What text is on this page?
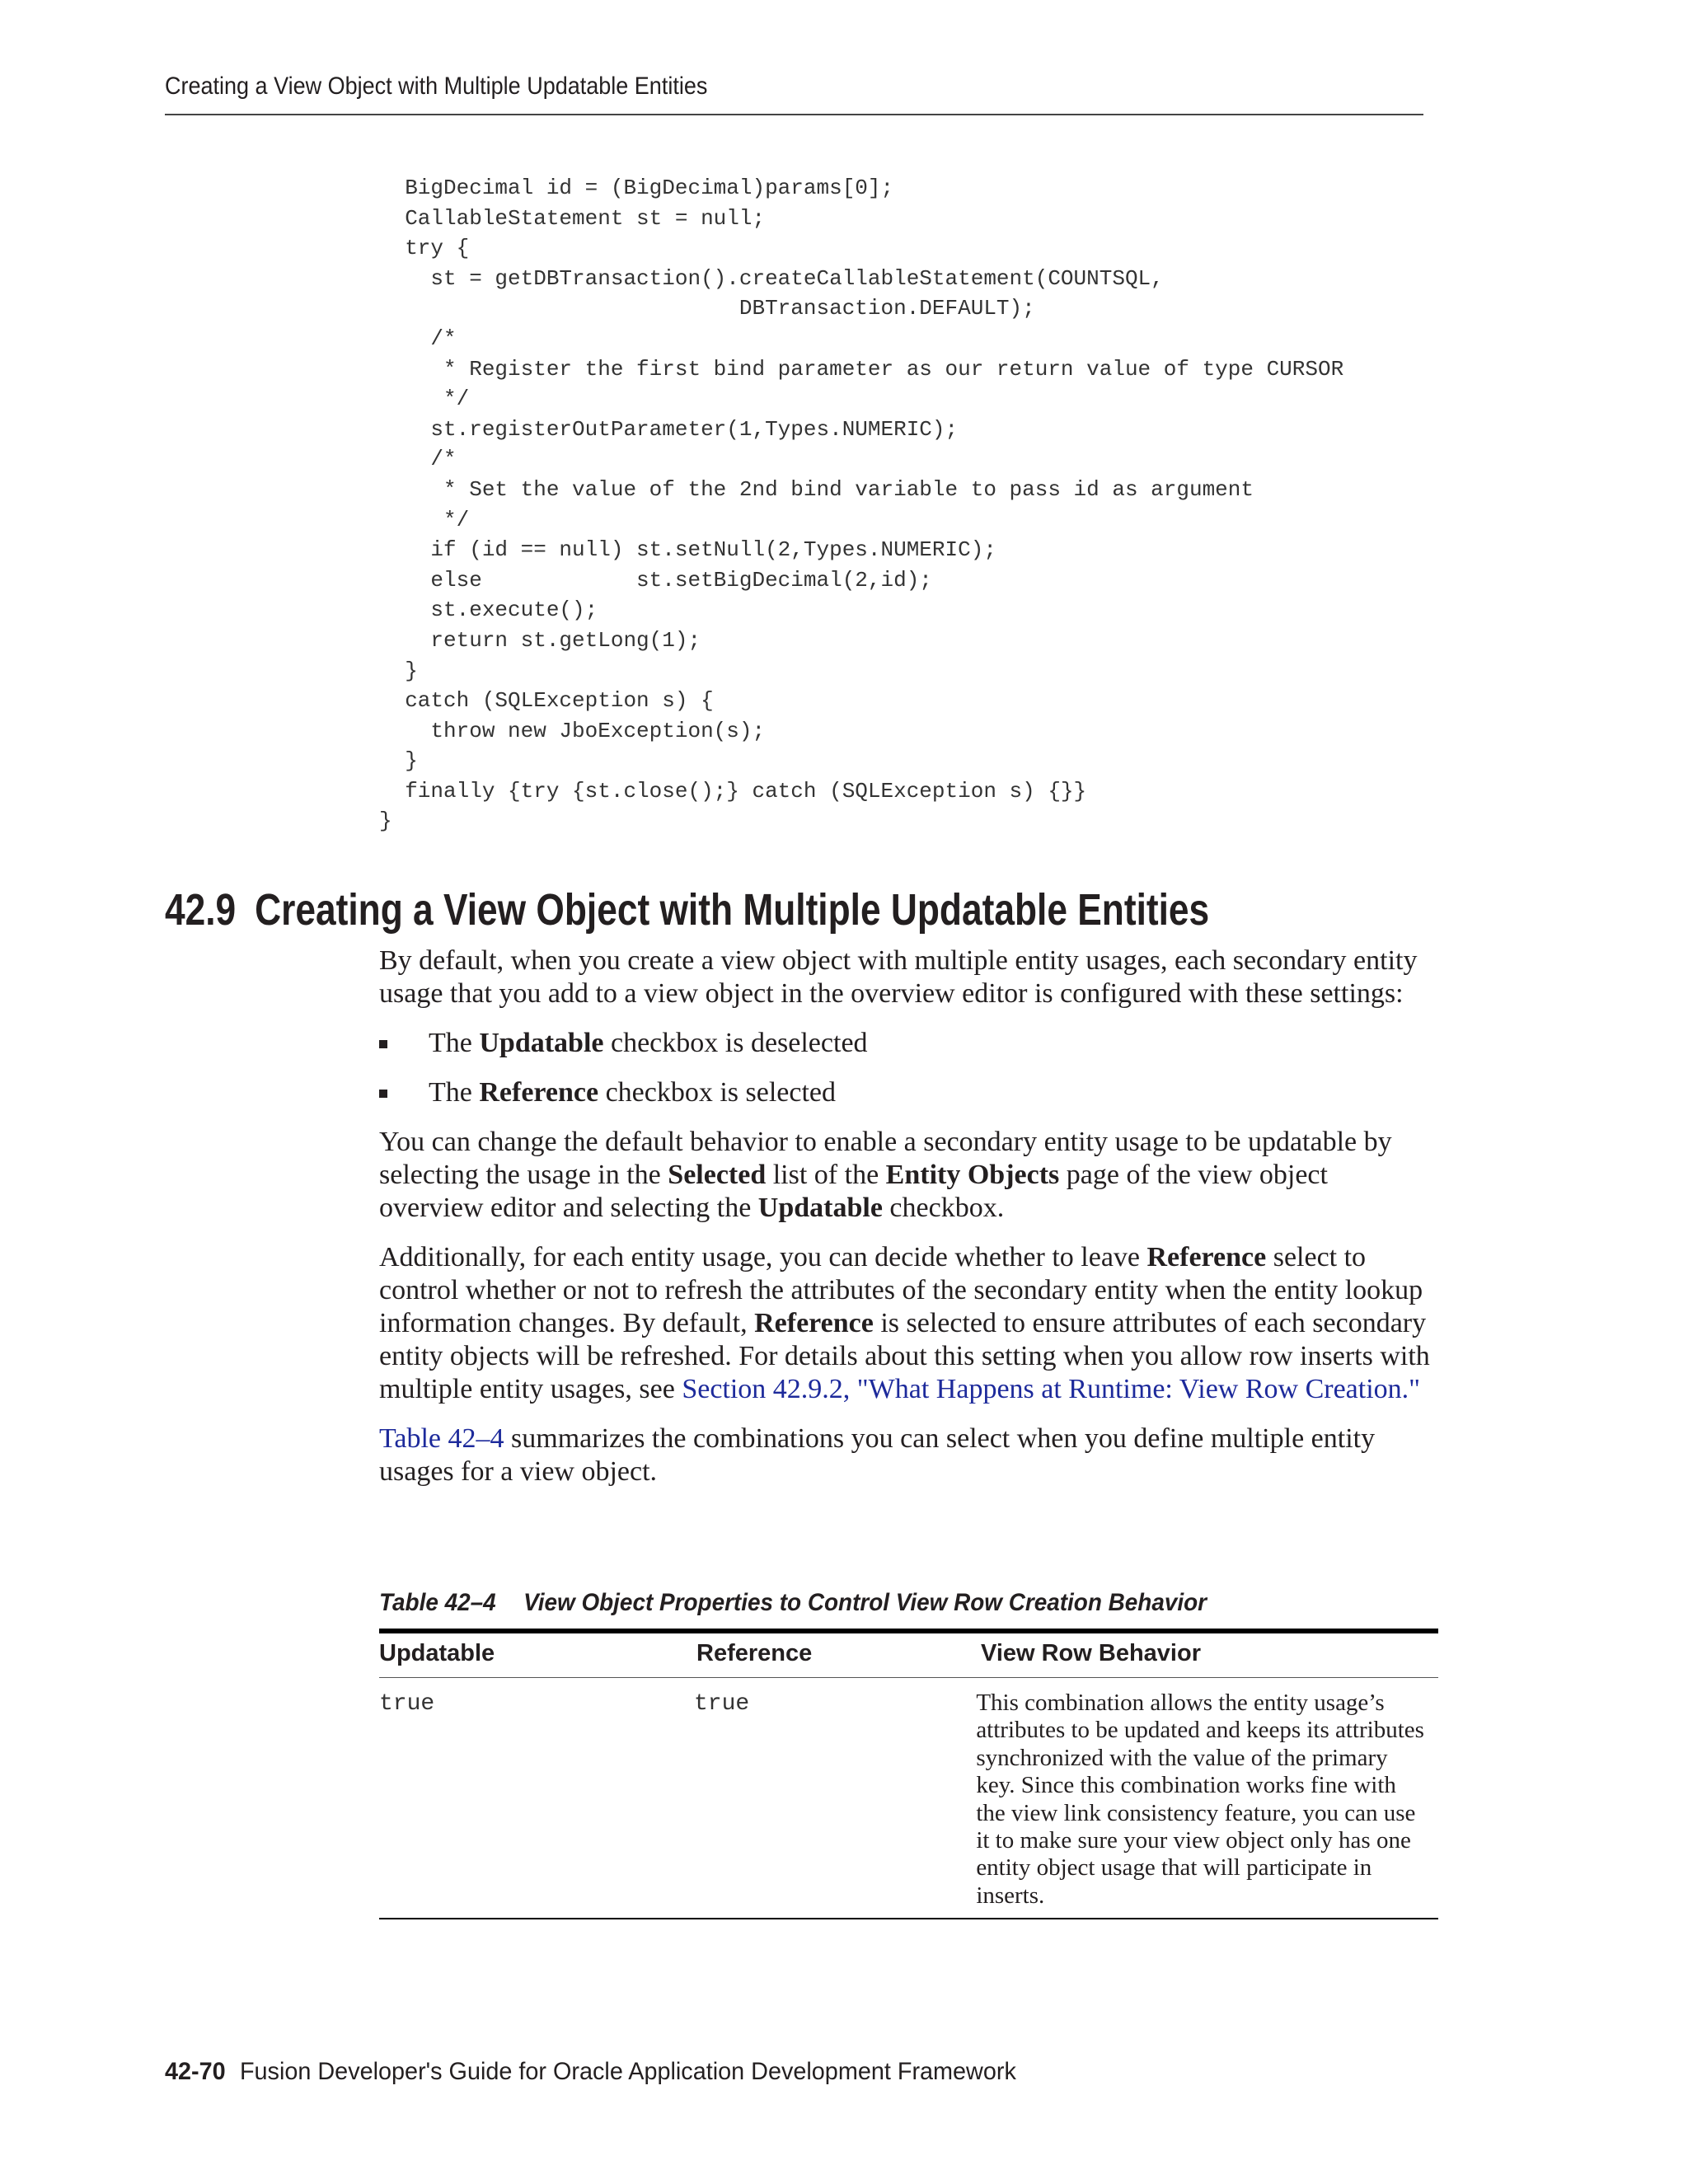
Creating a View Object with Multiple Updatable Entities
BigDecimal id = (BigDecimal)params[0];
CallableStatement st = null;
try {
st = getDBTransaction().createCallableStatement(COUNTSQL,
DBTransaction.DEFAULT);
/*
* Register the first bind parameter as our return value of type CURSOR
*/
st.registerOutParameter(1,Types.NUMERIC);
/*
* Set the value of the 2nd bind variable to pass id as argument
*/
if (id == null) st.setNull(2,Types.NUMERIC);
else            st.setBigDecimal(2,id);
st.execute();
return st.getLong(1);
}
catch (SQLException s) {
throw new JboException(s);
}
finally {try {st.close();} catch (SQLException s) {}}
}
42.9 Creating a View Object with Multiple Updatable Entities

By default, when you create a view object with multiple entity usages, each secondary entity usage that you add to a view object in the overview editor is configured with these settings:

The Updatable checkbox is deselected
The Reference checkbox is selected

You can change the default behavior to enable a secondary entity usage to be updatable by selecting the usage in the Selected list of the Entity Objects page of the view object overview editor and selecting the Updatable checkbox.

Additionally, for each entity usage, you can decide whether to leave Reference select to control whether or not to refresh the attributes of the secondary entity when the entity lookup information changes. By default, Reference is selected to ensure attributes of each secondary entity objects will be refreshed. For details about this setting when you allow row inserts with multiple entity usages, see Section 42.9.2, "What Happens at Runtime: View Row Creation."

Table 42–4 summarizes the combinations you can select when you define multiple entity usages for a view object.

Table 42–4 View Object Properties to Control View Row Creation Behavior
Updatable	Reference	View Row Behavior
true	true	This combination allows the entity usage’s attributes to be updated and keeps its attributes synchronized with the value of the primary key. Since this combination works fine with the view link consistency feature, you can use it to make sure your view object only has one entity object usage that will participate in inserts.
42-70 Fusion Developer's Guide for Oracle Application Development Framework
